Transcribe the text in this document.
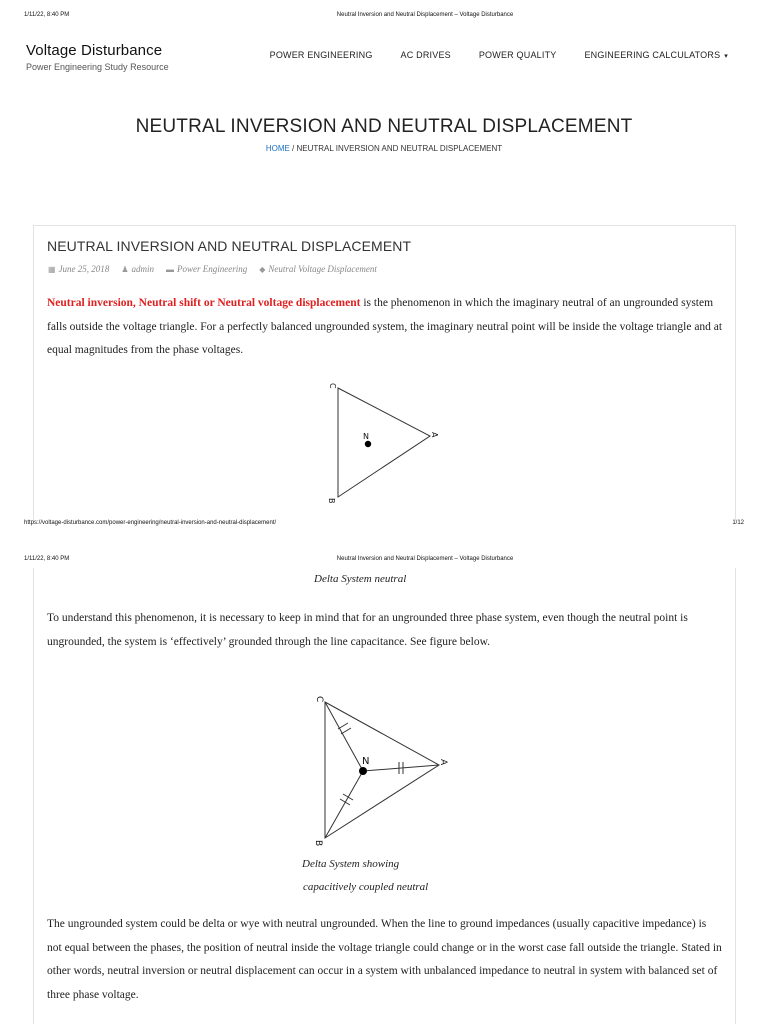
1/11/22, 8:40 PM	Neutral Inversion and Neutral Displacement – Voltage Disturbance
Voltage Disturbance
Power Engineering Study Resource
POWER ENGINEERING	AC DRIVES	POWER QUALITY	ENGINEERING CALCULATORS ▾
NEUTRAL INVERSION AND NEUTRAL DISPLACEMENT
HOME / NEUTRAL INVERSION AND NEUTRAL DISPLACEMENT
NEUTRAL INVERSION AND NEUTRAL DISPLACEMENT
▦ June 25, 2018 ♟ admin ▬ Power Engineering ◆ Neutral Voltage Displacement

Neutral inversion, Neutral shift or Neutral voltage displacement is the phenomenon in which the imaginary neutral of an ungrounded system falls outside the voltage triangle. For a perfectly balanced ungrounded system, the imaginary neutral point will be inside the voltage triangle and at equal magnitudes from the phase voltages.

N
C
A
B
https://voltage-disturbance.com/power-engineering/neutral-inversion-and-neutral-displacement/	1/12
1/11/22, 8:40 PM	Neutral Inversion and Neutral Displacement – Voltage Disturbance
Delta System neutral

To understand this phenomenon, it is necessary to keep in mind that for an ungrounded three phase system, even though the neutral point is ungrounded, the system is ‘effectively’ grounded through the line capacitance. See figure below.

N
C
A
B
Delta System showing
capacitively coupled neutral

The ungrounded system could be delta or wye with neutral ungrounded. When the line to ground impedances (usually capacitive impedance) is not equal between the phases, the position of neutral inside the voltage triangle could change or in the worst case fall outside the triangle. Stated in other words, neutral inversion or neutral displacement can occur in a system with unbalanced impedance to neutral in system with balanced set of three phase voltage.
